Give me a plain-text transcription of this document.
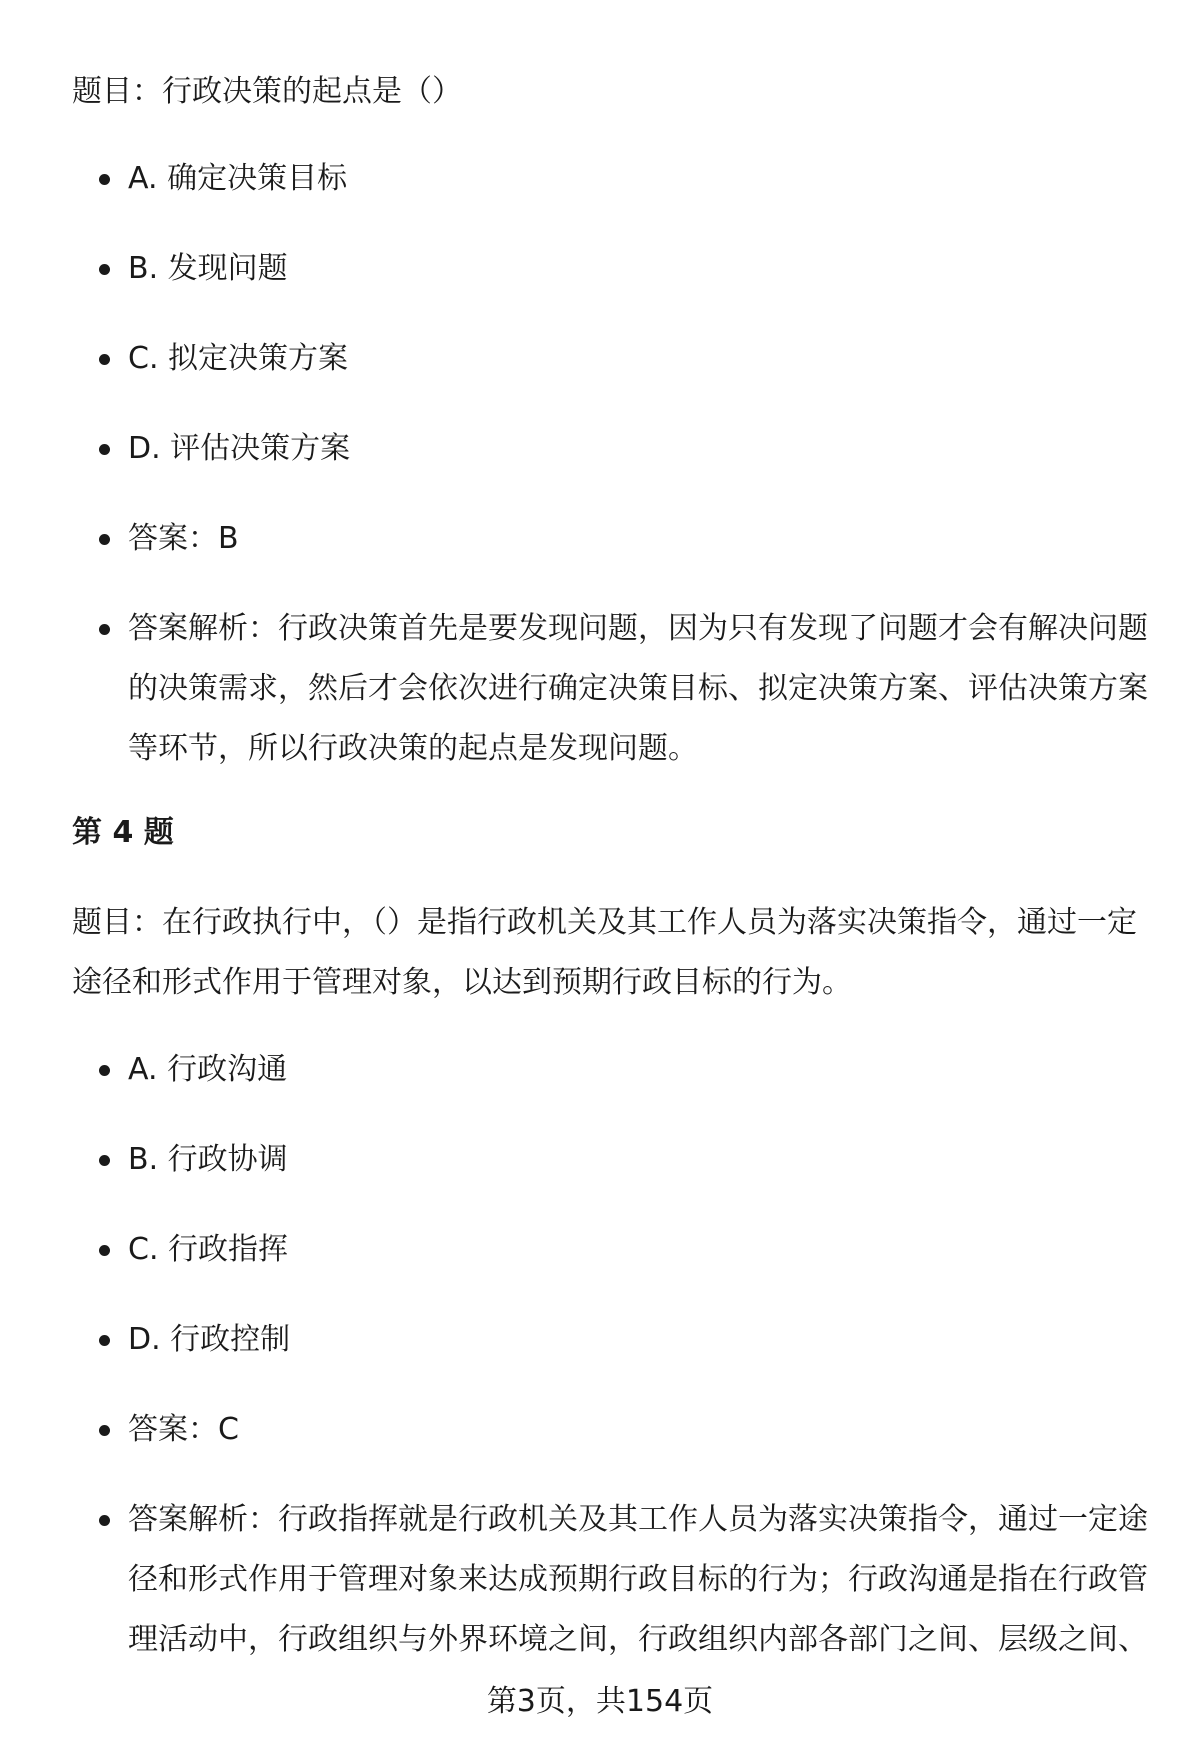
题目：行政决策的起点是（）

A. 确定决策目标
B. 发现问题
C. 拟定决策方案
D. 评估决策方案
答案：B
答案解析：行政决策首先是要发现问题，因为只有发现了问题才会有解决问题的决策需求，然后才会依次进行确定决策目标、拟定决策方案、评估决策方案等环节，所以行政决策的起点是发现问题。
第 4 题

题目：在行政执行中，（）是指行政机关及其工作人员为落实决策指令，通过一定途径和形式作用于管理对象，以达到预期行政目标的行为。

A. 行政沟通
B. 行政协调
C. 行政指挥
D. 行政控制
答案：C
答案解析：行政指挥就是行政机关及其工作人员为落实决策指令，通过一定途径和形式作用于管理对象来达成预期行政目标的行为；行政沟通是指在行政管理活动中，行政组织与外界环境之间，行政组织内部各部门之间、层级之间、
第3页，共154页
